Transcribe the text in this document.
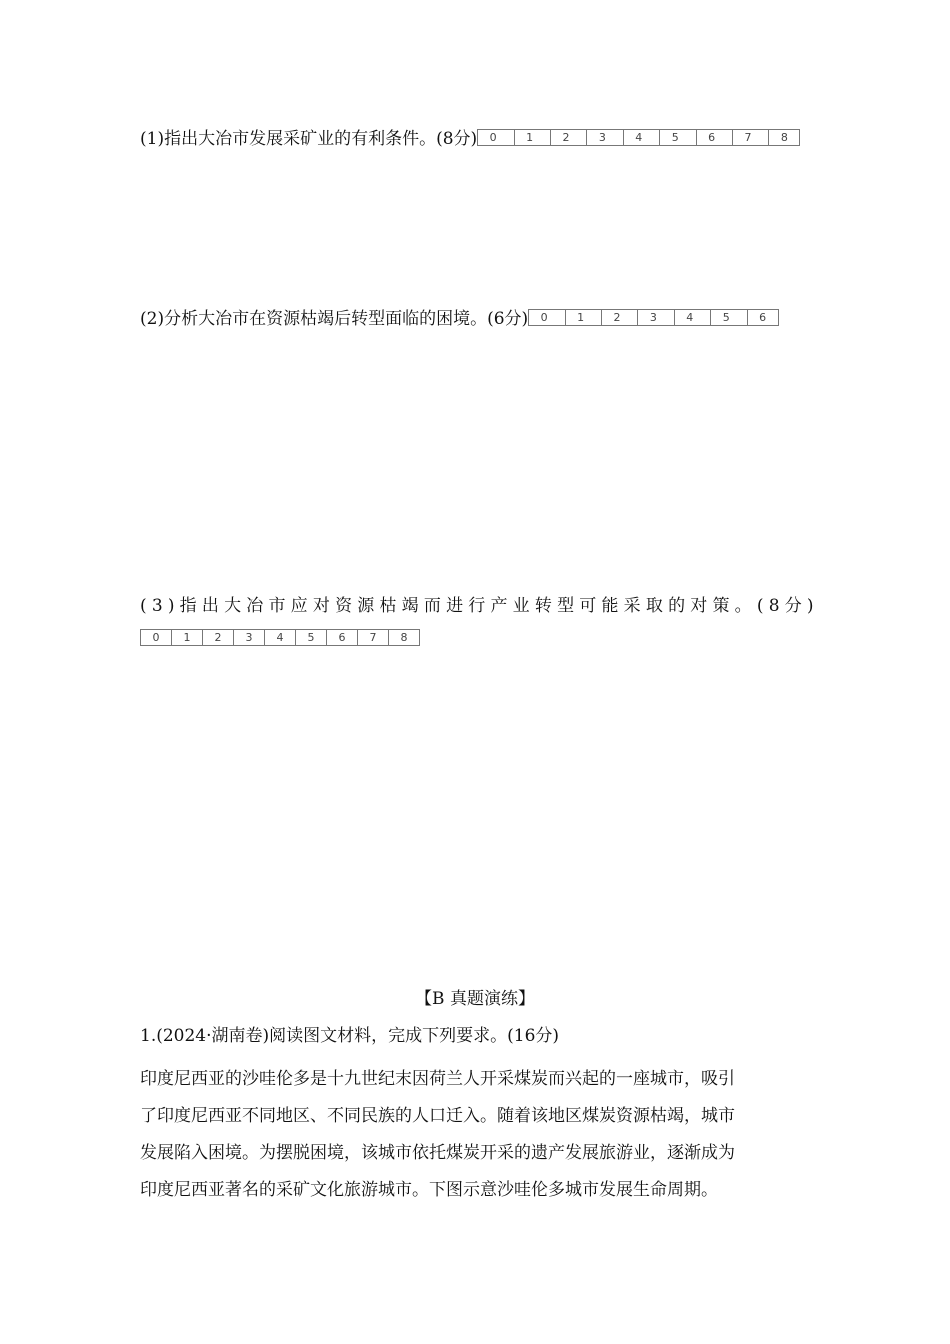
(1)指出大冶市发展采矿业的有利条件。(8分) 0	1	2	3	4	5	6	7	8
(2)分析大冶市在资源枯竭后转型面临的困境。(6分) 0	1	2	3	4	5	6
(3)指出大冶市应对资源枯竭而进行产业转型可能采取的对策。(8分)
0	1	2	3	4	5	6	7	8
【B 真题演练】
1.(2024·湖南卷)阅读图文材料，完成下列要求。(16分)
印度尼西亚的沙哇伦多是十九世纪末因荷兰人开采煤炭而兴起的一座城市，吸引
了印度尼西亚不同地区、不同民族的人口迁入。随着该地区煤炭资源枯竭，城市
发展陷入困境。为摆脱困境，该城市依托煤炭开采的遗产发展旅游业，逐渐成为
印度尼西亚著名的采矿文化旅游城市。下图示意沙哇伦多城市发展生命周期。
